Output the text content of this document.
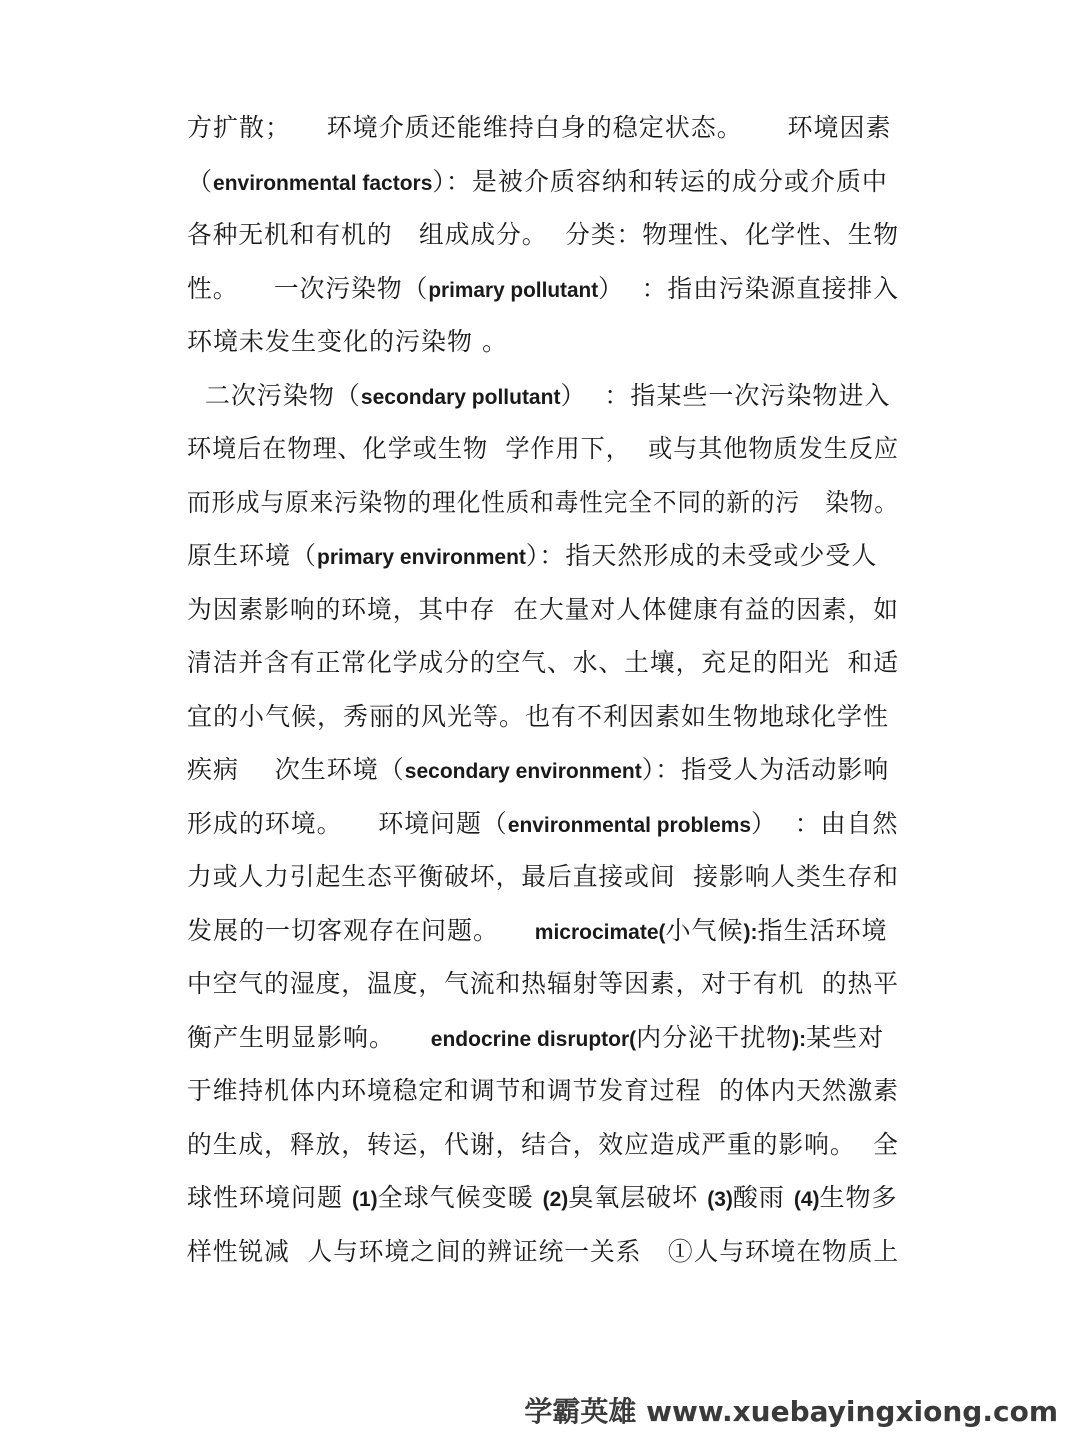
方扩散；    环境介质还能维持白身的稳定状态。     环境因素
（environmental factors）：是被介质容纳和转运的成分或介质中
各种无机和有机的   组成成分。  分类：物理性、化学性、生物
性。    一次污染物（primary pollutant）  ：指由污染源直接排入
环境未发生变化的污染物 。
二次污染物（secondary pollutant）  ：指某些一次污染物进入
环境后在物理、化学或生物  学作用下，  或与其他物质发生反应
而形成与原来污染物的理化性质和毒性完全不同的新的污   染物。
原生环境（primary environment）：指天然形成的未受或少受人
为因素影响的环境，其中存  在大量对人体健康有益的因素，如
清洁并含有正常化学成分的空气、水、土壤，充足的阳光  和适
宜的小气候，秀丽的风光等。也有不利因素如生物地球化学性
疾病    次生环境（secondary environment）：指受人为活动影响
形成的环境。    环境问题（environmental problems）  ：由自然
力或人力引起生态平衡破坏，最后直接或间  接影响人类生存和
发展的一切客观存在问题。    microcimate(小气候):指生活环境
中空气的湿度，温度，气流和热辐射等因素，对于有机  的热平
衡产生明显影响。    endocrine disruptor(内分泌干扰物):某些对
于维持机体内环境稳定和调节和调节发育过程  的体内天然激素
的生成，释放，转运，代谢，结合，效应造成严重的影响。  全
球性环境问题 (1)全球气候变暖 (2)臭氧层破坏 (3)酸雨 (4)生物多
样性锐减  人与环境之间的辨证统一关系   ①人与环境在物质上
学霸英雄 www.xuebayingxiong.com
